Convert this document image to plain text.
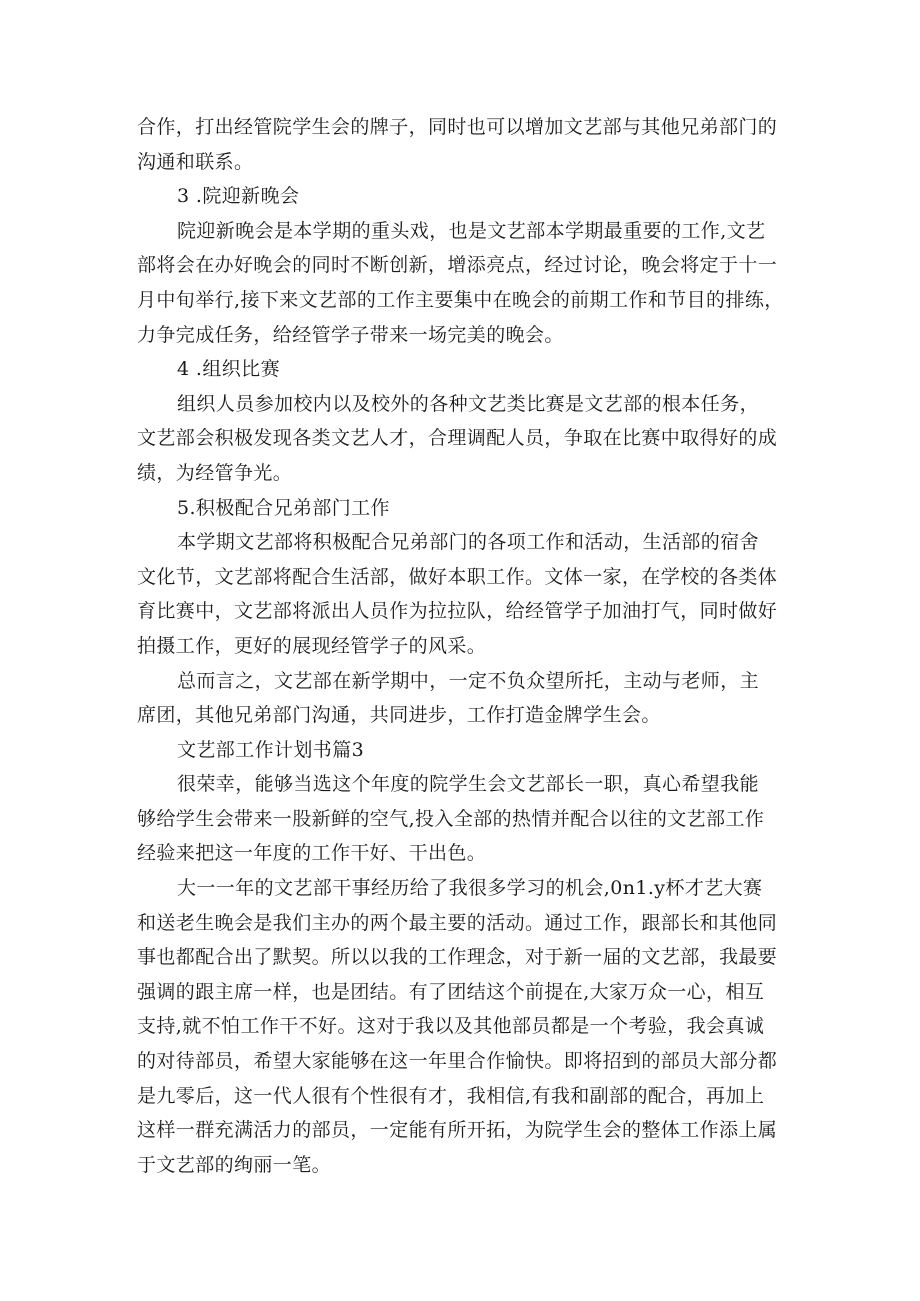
合作，打出经管院学生会的牌子，同时也可以增加文艺部与其他兄弟部门的
沟通和联系。
3 .院迎新晚会
院迎新晚会是本学期的重头戏，也是文艺部本学期最重要的工作,文艺
部将会在办好晚会的同时不断创新，增添亮点，经过讨论，晚会将定于十一
月中旬举行,接下来文艺部的工作主要集中在晚会的前期工作和节目的排练，
力争完成任务，给经管学子带来一场完美的晚会。
4 .组织比赛
组织人员参加校内以及校外的各种文艺类比赛是文艺部的根本任务，
文艺部会积极发现各类文艺人才，合理调配人员，争取在比赛中取得好的成
绩，为经管争光。
5.积极配合兄弟部门工作
本学期文艺部将积极配合兄弟部门的各项工作和活动，生活部的宿舍
文化节，文艺部将配合生活部，做好本职工作。文体一家，在学校的各类体
育比赛中，文艺部将派出人员作为拉拉队，给经管学子加油打气，同时做好
拍摄工作，更好的展现经管学子的风采。
总而言之，文艺部在新学期中，一定不负众望所托，主动与老师，主
席团，其他兄弟部门沟通，共同进步，工作打造金牌学生会。
文艺部工作计划书篇3
很荣幸，能够当选这个年度的院学生会文艺部长一职，真心希望我能
够给学生会带来一股新鲜的空气,投入全部的热情并配合以往的文艺部工作
经验来把这一年度的工作干好、干出色。
大一一年的文艺部干事经历给了我很多学习的机会,0n1.y杯才艺大赛
和送老生晚会是我们主办的两个最主要的活动。通过工作，跟部长和其他同
事也都配合出了默契。所以以我的工作理念，对于新一届的文艺部，我最要
强调的跟主席一样，也是团结。有了团结这个前提在,大家万众一心，相互
支持,就不怕工作干不好。这对于我以及其他部员都是一个考验，我会真诚
的对待部员，希望大家能够在这一年里合作愉快。即将招到的部员大部分都
是九零后，这一代人很有个性很有才，我相信,有我和副部的配合，再加上
这样一群充满活力的部员，一定能有所开拓，为院学生会的整体工作添上属
于文艺部的绚丽一笔。
